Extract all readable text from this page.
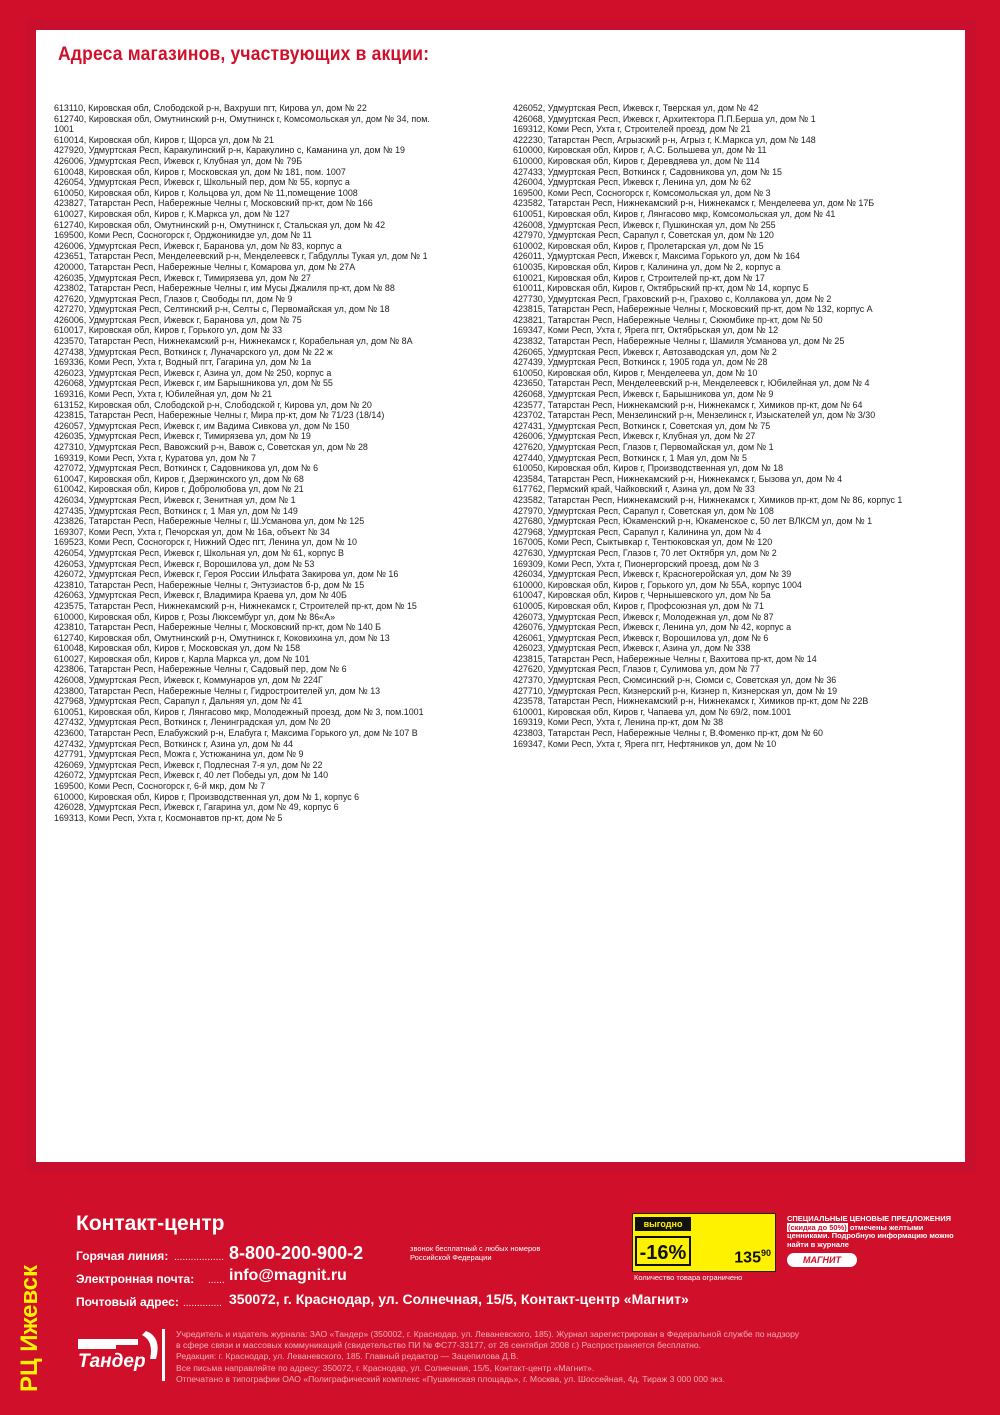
Адреса магазинов, участвующих в акции:
613110, Кировская обл, Слободской р-н, Вахруши пгт, Кирова ул, дом № 22
612740, Кировская обл, Омутнинский р-н, Омутнинск г, Комсомольская ул, дом № 34, пом. 1001
610014, Кировская обл, Киров г, Щорса ул, дом № 21
427920, Удмуртская Респ, Каракулинский р-н, Каракулино с, Каманина ул, дом № 19
426006, Удмуртская Респ, Ижевск г, Клубная ул, дом № 79Б
610048, Кировская обл, Киров г, Московская ул, дом № 181, пом. 1007
426054, Удмуртская Респ, Ижевск г, Школьный пер, дом № 55, корпус а
610050, Кировская обл, Киров г, Кольцова ул, дом № 11,помещение 1008
423827, Татарстан Респ, Набережные Челны г, Московский пр-кт, дом № 166
610027, Кировская обл, Киров г, К.Маркса ул, дом № 127
612740, Кировская обл, Омутнинский р-н, Омутнинск г, Стальская ул, дом № 42
169500, Коми Респ, Сосногорск г, Орджоникидзе ул, дом № 11
426006, Удмуртская Респ, Ижевск г, Баранова ул, дом № 83, корпус а
423651, Татарстан Респ, Менделеевский р-н, Менделеевск г, Габдуллы Тукая ул, дом № 1
420000, Татарстан Респ, Набережные Челны г, Комарова ул, дом № 27А
426035, Удмуртская Респ, Ижевск г, Тимирязева ул, дом № 27
423802, Татарстан Респ, Набережные Челны г, им Мусы Джалиля пр-кт, дом № 88
427620, Удмуртская Респ, Глазов г, Свободы пл, дом № 9
427270, Удмуртская Респ, Селтинский р-н, Селты с, Первомайская ул, дом № 18
426006, Удмуртская Респ, Ижевск г, Баранова ул, дом № 75
610017, Кировская обл, Киров г, Горького ул, дом № 33
423570, Татарстан Респ, Нижнекамский р-н, Нижнекамск г, Корабельная ул, дом № 8А
427438, Удмуртская Респ, Воткинск г, Луначарского ул, дом № 22 ж
169336, Коми Респ, Ухта г, Водный пгт, Гагарина ул, дом № 1а
426023, Удмуртская Респ, Ижевск г, Азина ул, дом № 250, корпус а
426068, Удмуртская Респ, Ижевск г, им Барышникова ул, дом № 55
169316, Коми Респ, Ухта г, Юбилейная ул, дом № 21
613152, Кировская обл, Слободской р-н, Слободской г, Кирова ул, дом № 20
423815, Татарстан Респ, Набережные Челны г, Мира пр-кт, дом № 71/23 (18/14)
426057, Удмуртская Респ, Ижевск г, им Вадима Сивкова ул, дом № 150
426035, Удмуртская Респ, Ижевск г, Тимирязева ул, дом № 19
427310, Удмуртская Респ, Вавожский р-н, Вавож с, Советская ул, дом № 28
169319, Коми Респ, Ухта г, Куратова ул, дом № 7
427072, Удмуртская Респ, Воткинск г, Садовникова ул, дом № 6
610047, Кировская обл, Киров г, Дзержинского ул, дом № 68
610042, Кировская обл, Киров г, Добролюбова ул, дом № 21
426034, Удмуртская Респ, Ижевск г, Зенитная ул, дом № 1
427435, Удмуртская Респ, Воткинск г, 1 Мая ул, дом № 149
423826, Татарстан Респ, Набережные Челны г, Ш.Усманова ул, дом № 125
169307, Коми Респ, Ухта г, Печорская ул, дом № 16а, объект № 34
169523, Коми Респ, Сосногорск г, Нижний Одес пгт, Ленина ул, дом № 10
426054, Удмуртская Респ, Ижевск г, Школьная ул, дом № 61, корпус В
426053, Удмуртская Респ, Ижевск г, Ворошилова ул, дом № 53
426072, Удмуртская Респ, Ижевск г, Героя России Ильфата Закирова ул, дом № 16
423810, Татарстан Респ, Набережные Челны г, Энтузиастов б-р, дом № 15
426063, Удмуртская Респ, Ижевск г, Владимира Краева ул, дом № 40Б
423575, Татарстан Респ, Нижнекамский р-н, Нижнекамск г, Строителей пр-кт, дом № 15
610000, Кировская обл, Киров г, Розы Люксембург ул, дом № 86«А»
423810, Татарстан Респ, Набережные Челны г, Московский пр-кт, дом № 140 Б
612740, Кировская обл, Омутнинский р-н, Омутнинск г, Коковихина ул, дом № 13
610048, Кировская обл, Киров г, Московская ул, дом № 158
610027, Кировская обл, Киров г, Карла Маркса ул, дом № 101
423806, Татарстан Респ, Набережные Челны г, Садовый пер, дом № 6
426008, Удмуртская Респ, Ижевск г, Коммунаров ул, дом № 224Г
423800, Татарстан Респ, Набережные Челны г, Гидростроителей ул, дом № 13
427968, Удмуртская Респ, Сарапул г, Дальняя ул, дом № 41
610051, Кировская обл, Киров г, Лянгасово мкр, Молодежный проезд, дом № 3, пом.1001
427432, Удмуртская Респ, Воткинск г, Ленинградская ул, дом № 20
423600, Татарстан Респ, Елабужский р-н, Елабуга г, Максима Горького ул, дом № 107 В
427432, Удмуртская Респ, Воткинск г, Азина ул, дом № 44
427791, Удмуртская Респ, Можга г, Устюжанина ул, дом № 9
426069, Удмуртская Респ, Ижевск г, Подлесная 7-я ул, дом № 22
426072, Удмуртская Респ, Ижевск г, 40 лет Победы ул, дом № 140
169500, Коми Респ, Сосногорск г, 6-й мкр, дом № 7
610000, Кировская обл, Киров г, Производственная ул, дом № 1, корпус 6
426028, Удмуртская Респ, Ижевск г, Гагарина ул, дом № 49, корпус 6
169313, Коми Респ, Ухта г, Космонавтов пр-кт, дом № 5
426052, Удмуртская Респ, Ижевск г, Тверская ул, дом № 42
426068, Удмуртская Респ, Ижевск г, Архитектора П.П.Берша ул, дом № 1
169312, Коми Респ, Ухта г, Строителей проезд, дом № 21
422230, Татарстан Респ, Агрызский р-н, Агрыз г, К.Маркса ул, дом № 148
610000, Кировская обл, Киров г, А.С. Большева ул, дом № 11
610000, Кировская обл, Киров г, Деревдяева ул, дом № 114
427433, Удмуртская Респ, Воткинск г, Садовникова ул, дом № 15
426004, Удмуртская Респ, Ижевск г, Ленина ул, дом № 62
169500, Коми Респ, Сосногорск г, Комсомольская ул, дом № 3
423582, Татарстан Респ, Нижнекамский р-н, Нижнекамск г, Менделеева ул, дом № 17Б
610051, Кировская обл, Киров г, Лянгасово мкр, Комсомольская ул, дом № 41
426008, Удмуртская Респ, Ижевск г, Пушкинская ул, дом № 255
427970, Удмуртская Респ, Сарапул г, Советская ул, дом № 120
610002, Кировская обл, Киров г, Пролетарская ул, дом № 15
426011, Удмуртская Респ, Ижевск г, Максима Горького ул, дом № 164
610035, Кировская обл, Киров г, Калинина ул, дом № 2, корпус а
610021, Кировская обл, Киров г, Строителей пр-кт, дом № 17
610011, Кировская обл, Киров г, Октябрьский пр-кт, дом № 14, корпус Б
427730, Удмуртская Респ, Граховский р-н, Грахово с, Коллакова ул, дом № 2
423815, Татарстан Респ, Набережные Челны г, Московский пр-кт, дом № 132, корпус А
423821, Татарстан Респ, Набережные Челны г, Сююмбике пр-кт, дом № 50
169347, Коми Респ, Ухта г, Ярега пгт, Октябрьская ул, дом № 12
423832, Татарстан Респ, Набережные Челны г, Шамиля Усманова ул, дом № 25
426065, Удмуртская Респ, Ижевск г, Автозаводская ул, дом № 2
427439, Удмуртская Респ, Воткинск г, 1905 года ул, дом № 28
610050, Кировская обл, Киров г, Менделеева ул, дом № 10
423650, Татарстан Респ, Менделеевский р-н, Менделеевск г, Юбилейная ул, дом № 4
426068, Удмуртская Респ, Ижевск г, Барышникова ул, дом № 9
423577, Татарстан Респ, Нижнекамский р-н, Нижнекамск г, Химиков пр-кт, дом № 64
423702, Татарстан Респ, Мензелинский р-н, Мензелинск г, Изыскателей ул, дом № 3/30
427431, Удмуртская Респ, Воткинск г, Советская ул, дом № 75
426006, Удмуртская Респ, Ижевск г, Клубная ул, дом № 27
427620, Удмуртская Респ, Глазов г, Первомайская ул, дом № 1
427440, Удмуртская Респ, Воткинск г, 1 Мая ул, дом № 5
610050, Кировская обл, Киров г, Производственная ул, дом № 18
423584, Татарстан Респ, Нижнекамский р-н, Нижнекамск г, Бызова ул, дом № 4
617762, Пермский край, Чайковский г, Азина ул, дом № 33
423582, Татарстан Респ, Нижнекамский р-н, Нижнекамск г, Химиков пр-кт, дом № 86, корпус 1
427970, Удмуртская Респ, Сарапул г, Советская ул, дом № 108
427680, Удмуртская Респ, Юкаменский р-н, Юкаменское с, 50 лет ВЛКСМ ул, дом № 1
427968, Удмуртская Респ, Сарапул г, Калинина ул, дом № 4
167005, Коми Респ, Сыктывкар г, Тентюковская ул, дом № 120
427630, Удмуртская Респ, Глазов г, 70 лет Октября ул, дом № 2
169309, Коми Респ, Ухта г, Пионергорский проезд, дом № 3
426034, Удмуртская Респ, Ижевск г, Красногеройская ул, дом № 39
610000, Кировская обл, Киров г, Горького ул, дом № 55А, корпус 1004
610047, Кировская обл, Киров г, Чернышевского ул, дом № 5а
610005, Кировская обл, Киров г, Профсоюзная ул, дом № 71
426073, Удмуртская Респ, Ижевск г, Молодежная ул, дом № 87
426076, Удмуртская Респ, Ижевск г, Ленина ул, дом № 42, корпус а
426061, Удмуртская Респ, Ижевск г, Ворошилова ул, дом № 6
426023, Удмуртская Респ, Ижевск г, Азина ул, дом № 338
423815, Татарстан Респ, Набережные Челны г, Вахитова пр-кт, дом № 14
427620, Удмуртская Респ, Глазов г, Сулимова ул, дом № 77
427370, Удмуртская Респ, Сюмсинский р-н, Сюмси с, Советская ул, дом № 36
427710, Удмуртская Респ, Кизнерский р-н, Кизнер п, Кизнерская ул, дом № 19
423578, Татарстан Респ, Нижнекамский р-н, Нижнекамск г, Химиков пр-кт, дом № 22В
610001, Кировская обл, Киров г, Чапаева ул, дом № 69/2, пом.1001
169319, Коми Респ, Ухта г, Ленина пр-кт, дом № 38
423803, Татарстан Респ, Набережные Челны г, В.Фоменко пр-кт, дом № 60
169347, Коми Респ, Ухта г, Ярега пгт, Нефтяников ул, дом № 10
РЦ Ижевск
Контакт-центр
Горячая линия: .................. 8-800-200-900-2	звонок бесплатный с любых номеров Российской Федерации
Электронная почта: ...... info@magnit.ru
Почтовый адрес: .............. 350072, г. Краснодар, ул. Солнечная, 15/5, Контакт-центр «Магнит»
Тандер
Учредитель и издатель журнала: ЗАО «Тандер» (350002, г. Краснодар, ул. Леваневского, 185). Журнал зарегистрирован в Федеральной службе по надзору
в сфере связи и массовых коммуникаций (свидетельство ПИ № ФС77-33177, от 26 сентября 2008 г.) Распространяется бесплатно.
Редакция: г. Краснодар, ул. Леваневского, 185. Главный редактор — Зацепилова Д.В.
Все письма направляйте по адресу: 350072, г. Краснодар, ул. Солнечная, 15/5, Контакт-центр «Магнит».
Отпечатано в типографии ОАО «Полиграфический комплекс «Пушкинская площадь», г. Москва, ул. Шоссейная, 4д. Тираж 3 000 000 экз.
выгодно
-16%	$135^{90}$
Количество товара ограничено
СПЕЦИАЛЬНЫЕ ЦЕНОВЫЕ ПРЕДЛОЖЕНИЯ
(скидка до 50%) отмечены желтыми ценниками. Подробную информацию можно найти в журнале
МАГНИТ
